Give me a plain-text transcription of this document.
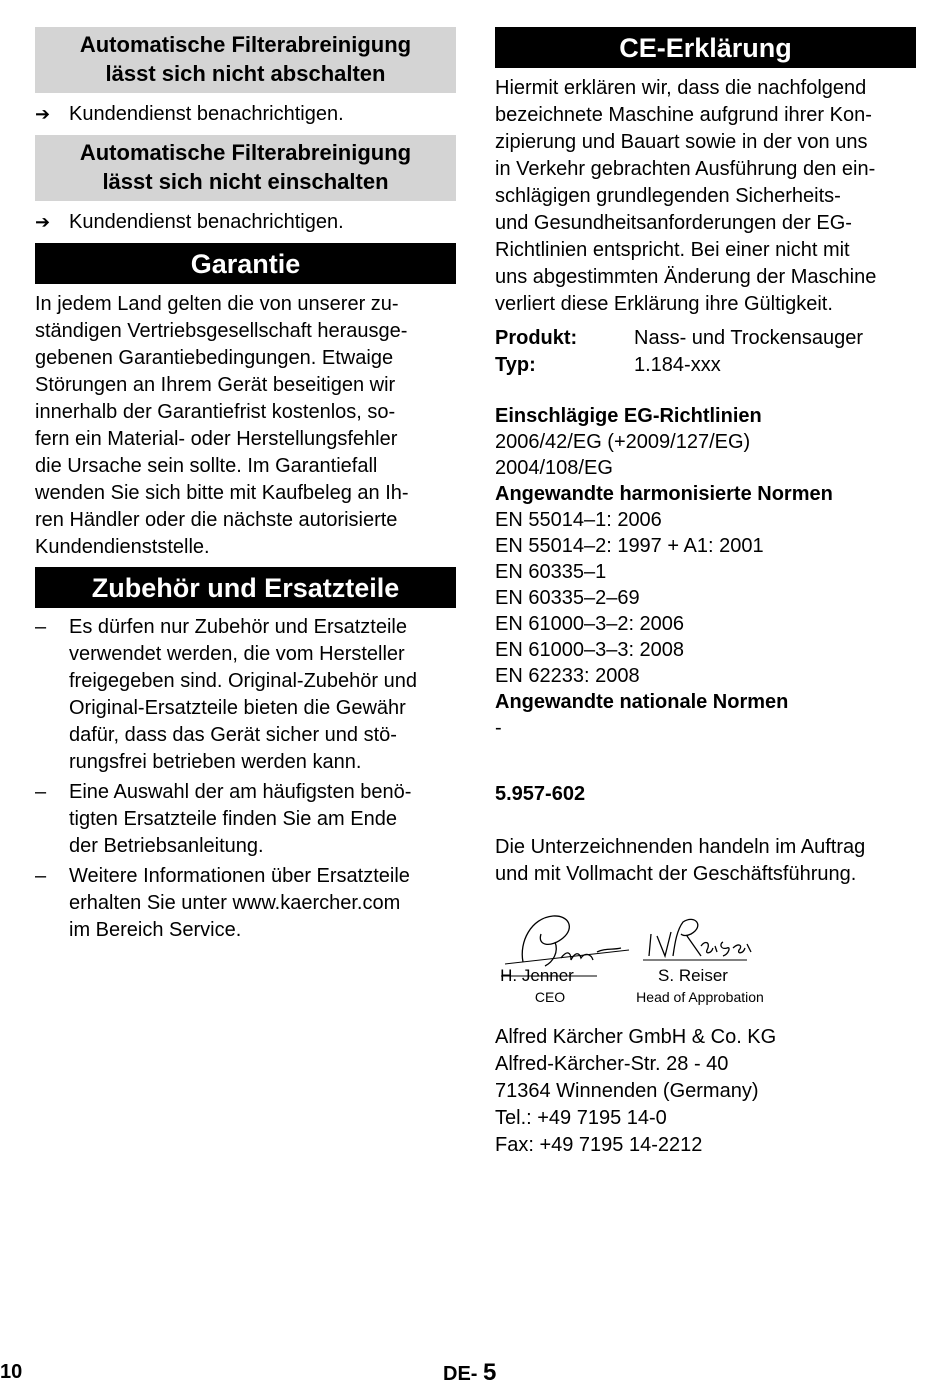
Automatische Filterabreinigung
lässt sich nicht abschalten
➔ Kundendienst benachrichtigen.
Automatische Filterabreinigung
lässt sich nicht einschalten
➔ Kundendienst benachrichtigen.
Garantie

In jedem Land gelten die von unserer zu-

ständigen Vertriebsgesellschaft herausge-

gebenen Garantiebedingungen. Etwaige

Störungen an Ihrem Gerät beseitigen wir

innerhalb der Garantiefrist kostenlos, so-

fern ein Material- oder Herstellungsfehler

die Ursache sein sollte. Im Garantiefall

wenden Sie sich bitte mit Kaufbeleg an Ih-

ren Händler oder die nächste autorisierte

Kundendienststelle.

Zubehör und Ersatzteile
– Es dürfen nur Zubehör und Ersatzteile

verwendet werden, die vom Hersteller

freigegeben sind. Original-Zubehör und

Original-Ersatzteile bieten die Gewähr

dafür, dass das Gerät sicher und stö-

rungsfrei betrieben werden kann.

– Eine Auswahl der am häufigsten benö-

tigten Ersatzteile finden Sie am Ende

der Betriebsanleitung.

– Weitere Informationen über Ersatzteile

erhalten Sie unter www.kaercher.com

im Bereich Service.

CE-Erklärung

Hiermit erklären wir, dass die nachfolgend

bezeichnete Maschine aufgrund ihrer Kon-

zipierung und Bauart sowie in der von uns

in Verkehr gebrachten Ausführung den ein-

schlägigen grundlegenden Sicherheits-

und Gesundheitsanforderungen der EG-

Richtlinien entspricht. Bei einer nicht mit

uns abgestimmten Änderung der Maschine

verliert diese Erklärung ihre Gültigkeit.

Produkt:	Nass- und Trockensauger
Typ:	1.184-xxx
Einschlägige EG-Richtlinien
2006/42/EG (+2009/127/EG)
2004/108/EG
Angewandte harmonisierte Normen
EN 55014–1: 2006
EN 55014–2: 1997 + A1: 2001
EN 60335–1
EN 60335–2–69
EN 61000–3–2: 2006
EN 61000–3–3: 2008
EN 62233: 2008
Angewandte nationale Normen
-
5.957-602

Die Unterzeichnenden handeln im Auftrag

und mit Vollmacht der Geschäftsführung.

H. Jenner
CEO
S. Reiser
Head of Approbation

Alfred Kärcher GmbH & Co. KG

Alfred-Kärcher-Str. 28 - 40

71364 Winnenden (Germany)

Tel.: +49 7195 14-0

Fax: +49 7195 14-2212

10	DE- 5
